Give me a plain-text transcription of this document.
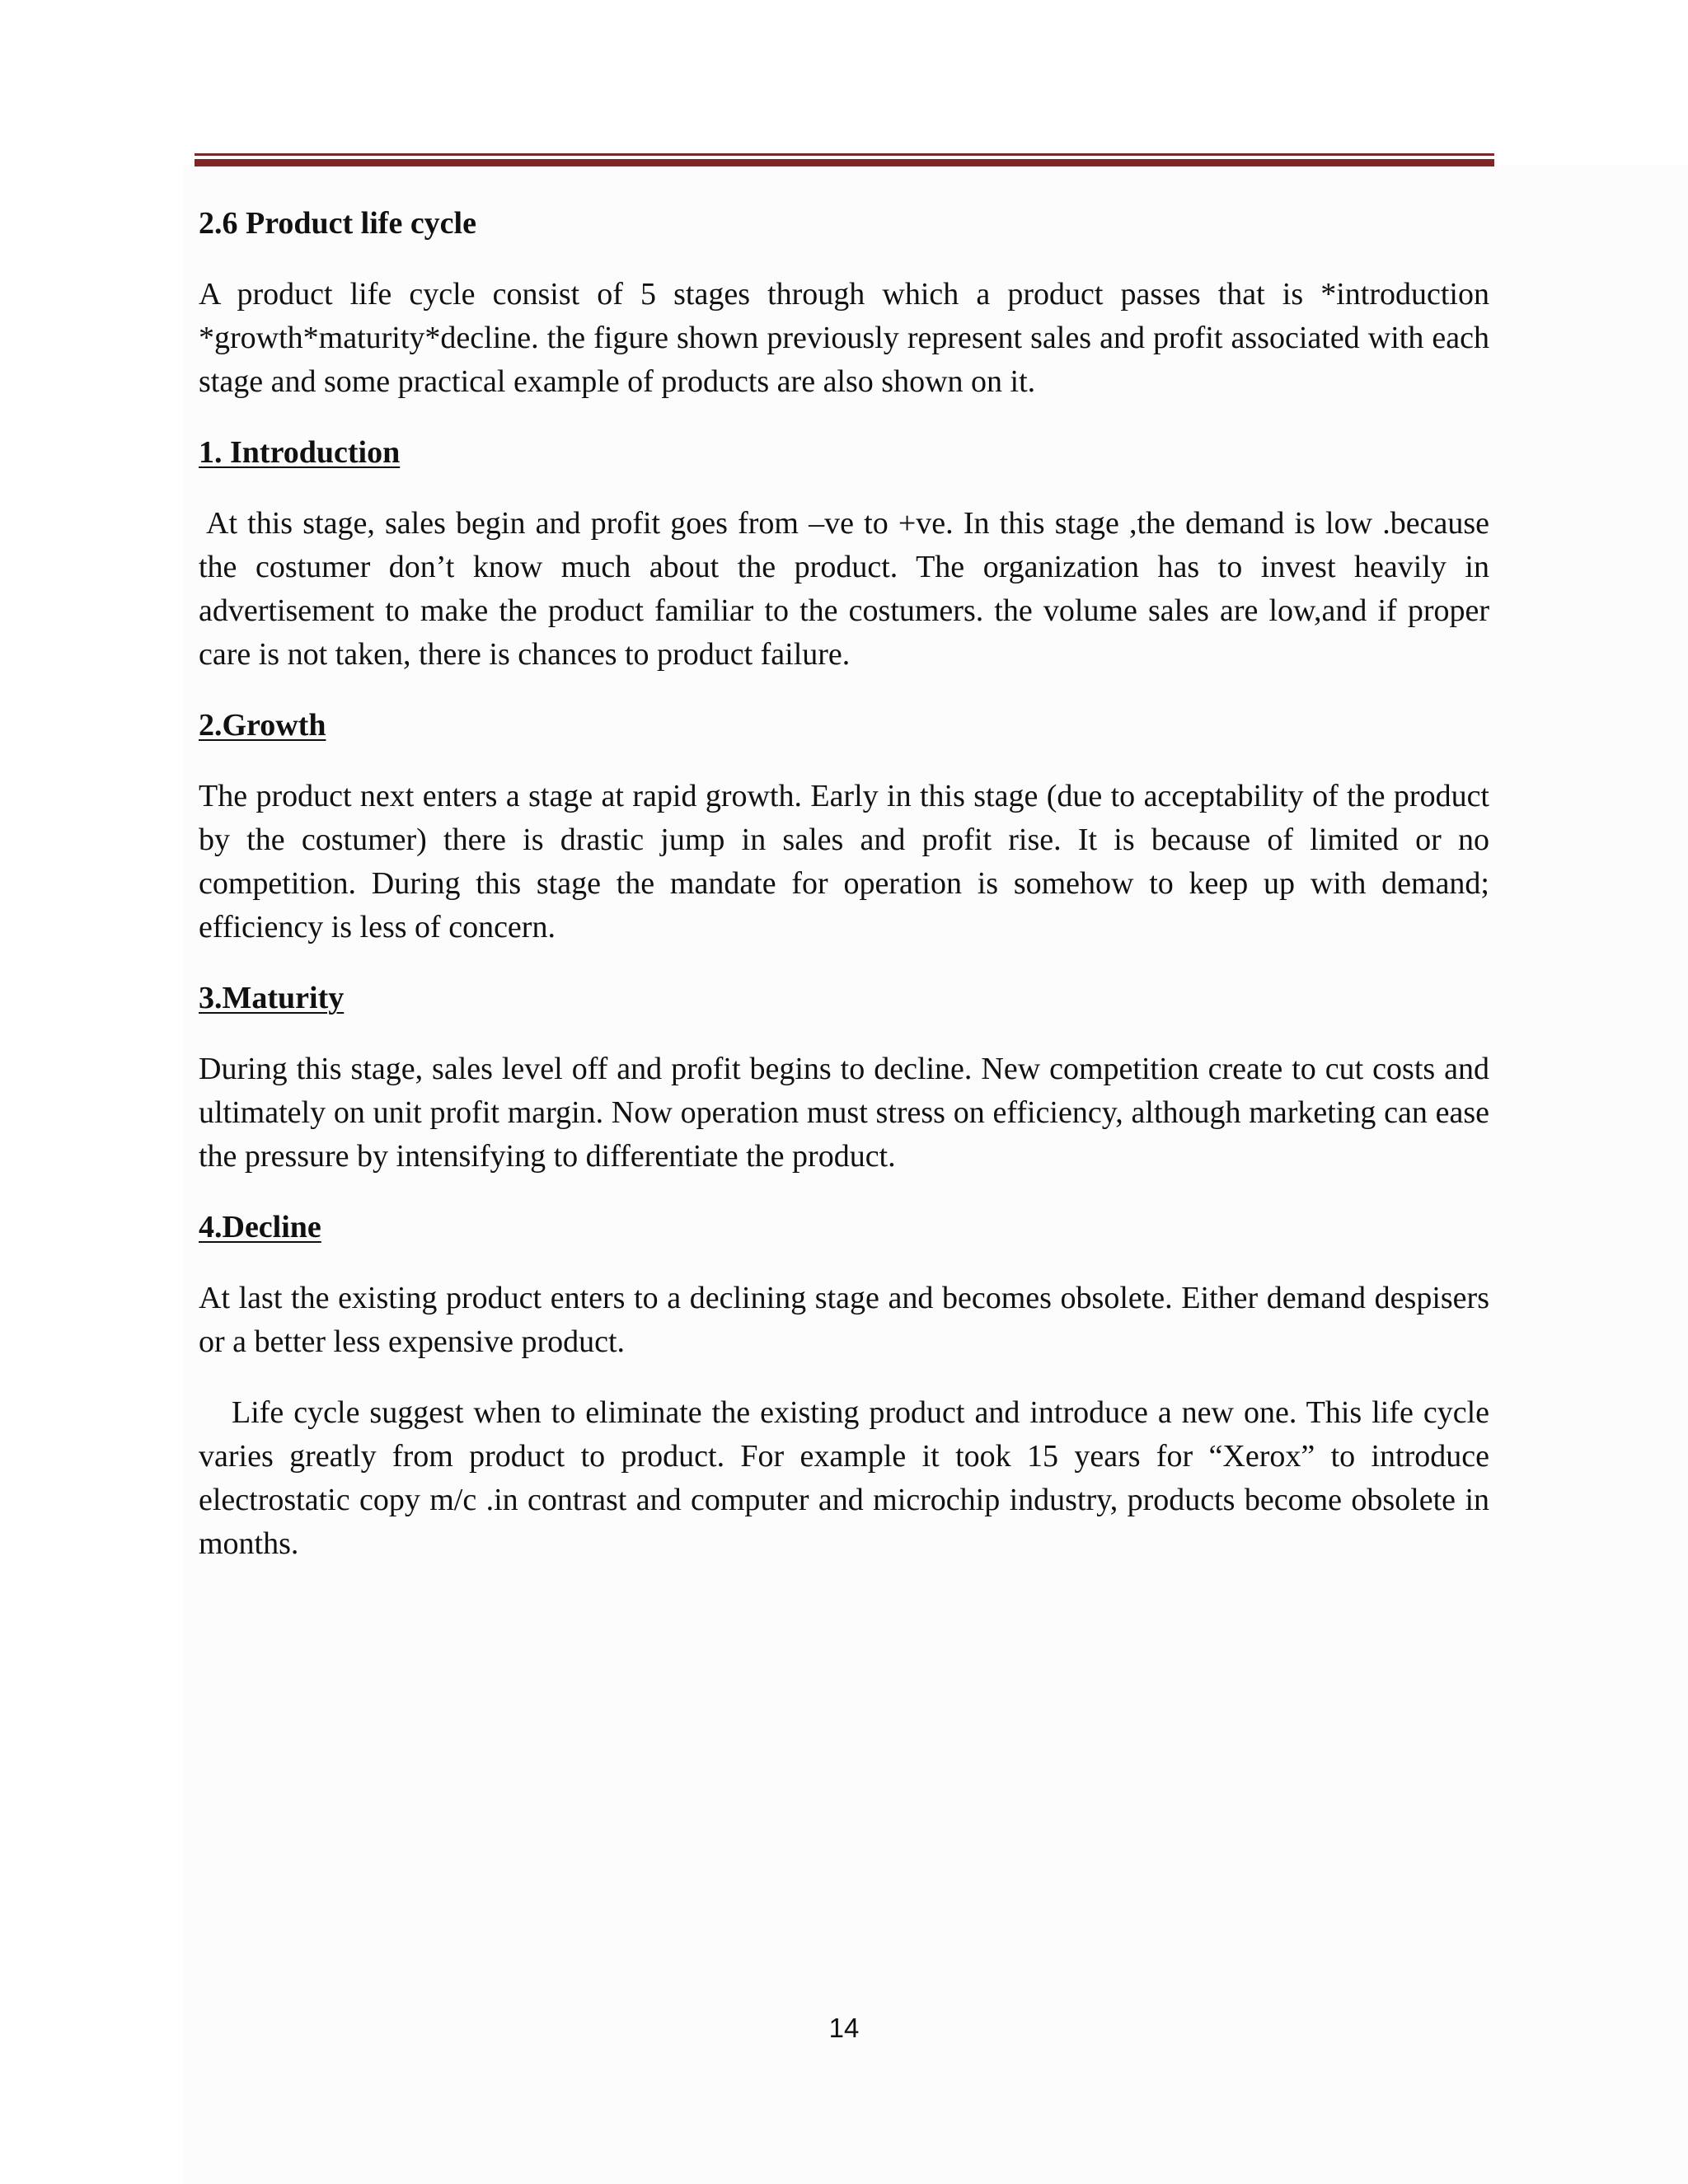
2.6 Product life cycle

A product life cycle consist of 5 stages through which a product passes that is *introduction *growth*maturity*decline. the figure shown previously represent sales and profit associated with each stage and some practical example of products are also shown on it.

1. Introduction

At this stage, sales begin and profit goes from –ve to +ve. In this stage ,the demand is low .because the costumer don’t know much about the product. The organization has to invest heavily in advertisement to make the product familiar to the costumers. the volume sales are low,and if proper care is not taken, there is chances to product failure.

2.Growth

The product next enters a stage at rapid growth. Early in this stage (due to acceptability of the product by the costumer) there is drastic jump in sales and profit rise. It is because of limited or no competition. During this stage the mandate for operation is somehow to keep up with demand; efficiency is less of concern.

3.Maturity

During this stage, sales level off and profit begins to decline. New competition create to cut costs and ultimately on unit profit margin. Now operation must stress on efficiency, although marketing can ease the pressure by intensifying to differentiate the product.

4.Decline

At last the existing product enters to a declining stage and becomes obsolete. Either demand despisers or a better less expensive product.

Life cycle suggest when to eliminate the existing product and introduce a new one. This life cycle varies greatly from product to product. For example it took 15 years for “Xerox” to introduce electrostatic copy m/c .in contrast and computer and microchip industry, products become obsolete in months.

14
